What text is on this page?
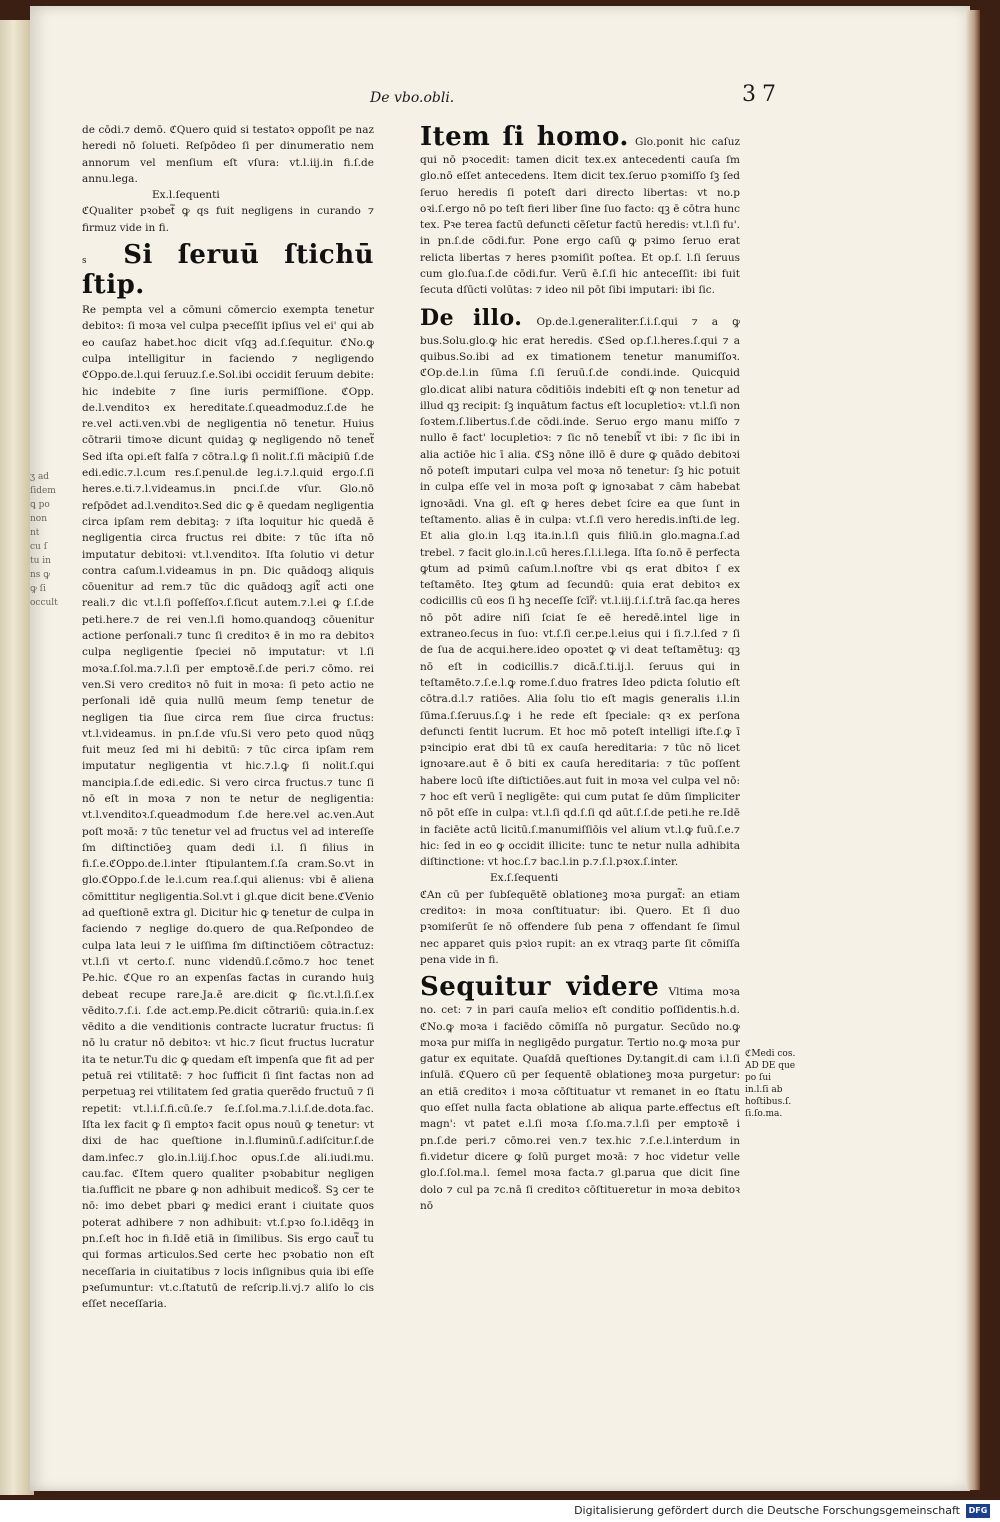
ʒ ad ſidem ꝗ po non nt cu ſ tu in ns ꝙ ꝙ ſi occult
De vbo.obli.	37

de cōdi.⁊ demō. ℭQuero quid si testatoꝛ oppoſit pe naz heredi nō ſolueti. Reſpōdeo ſi per dinumeratio nem annorum vel menſium eſt vſura: vt.l.iij.in fi.ſ.de annu.lega.

Ex.l.ſequenti

ℭQualiter pꝛobet᷑ ꝙ qs fuit negligens in curando ⁊ firmuz vide in fi.

s Si ſeruū ſtichū ſtip.

Re pempta vel a cōmuni cōmercio exempta tenetur debitoꝛ: ſi moꝛa vel culpa pꝛeceſſit ipſius vel ei' qui ab eo cauſaz habet.hoc dicit vſqꝫ ad.ſ.ſequitur. ℭNo.ꝙ culpa intelligitur in faciendo ⁊ negligendo ℭOppo.de.l.qui ſeruuz.ſ.e.Sol.ibi occidit ſeruum debite: hic indebite ⁊ ſine iuris permiſſione. ℭOpp. de.l.venditoꝛ ex hereditate.ſ.queadmoduz.ſ.de he re.vel acti.ven.vbi de negligentia nō tenetur. Huius cōtrarii timoꝛe dicunt quidaꝫ ꝙ negligendo nō tenet᷑ Sed iſta opi.eſt falſa ⁊ cōtra.l.ꝙ ſi nolit.ſ.ſi mācipiū ſ.de edi.edic.⁊.l.cum res.ſ.penul.de leg.i.⁊.l.quid ergo.ſ.ſi heres.e.ti.⁊.l.videamus.in pnci.ſ.de vſur. Glo.nō reſpōdet ad.l.venditoꝛ.Sed dic ꝙ ē quedam negligentia circa ipſam rem debitaꝫ: ⁊ iſta loquitur hic quedā ē negligentia circa fructus rei dbite: ⁊ tūc iſta nō imputatur debitoꝛi: vt.l.venditoꝛ. Iſta ſolutio vi detur contra caſum.l.videamus in pn. Dic quādoqꝫ aliquis cōuenitur ad rem.⁊ tūc dic quādoqꝫ agit᷑ acti one reali.⁊ dic vt.l.ſi poſſeſſoꝛ.ſ.ſicut autem.⁊.l.ei ꝙ ſ.ſ.de peti.here.⁊ de rei ven.l.ſi homo.quandoqꝫ cōuenitur actione perſonali.⁊ tunc ſi creditoꝛ ē in mo ra debitoꝛ culpa negligentie ſpeciei nō imputatur: vt l.ſi moꝛa.ſ.ſol.ma.⁊.l.ſi per emptoꝛē.ſ.de peri.⁊ cōmo. rei ven.Si vero creditoꝛ nō fuit in moꝛa: ſi peto actio ne perſonali idē quia nullū meum ſemp tenetur de negligen tia ſiue circa rem ſiue circa fructus: vt.l.videamus. in pn.ſ.de vſu.Si vero peto quod nūqꝫ fuit meuz ſed mi hi debitū: ⁊ tūc circa ipſam rem imputatur negligentia vt hic.⁊.l.ꝙ ſi nolit.ſ.qui mancipia.ſ.de edi.edic. Si vero circa fructus.⁊ tunc ſi nō eſt in moꝛa ⁊ non te netur de negligentia: vt.l.venditoꝛ.ſ.queadmodum ſ.de here.vel ac.ven.Aut poſt moꝛā: ⁊ tūc tenetur vel ad fructus vel ad intereſſe ſm diſtinctiōeꝫ quam dedi i.l. ſi filius in fi.ſ.e.ℭOppo.de.l.inter ſtipulantem.ſ.ſa cram.So.vt in glo.ℭOppo.ſ.de le.i.cum rea.ſ.qui alienus: vbi ē aliena cōmittitur negligentia.Sol.vt i gl.que dicit bene.ℭVenio ad queſtionē extra gl. Dicitur hic ꝙ tenetur de culpa in faciendo ⁊ neglige do.quero de qua.Reſpondeo de culpa lata leui ⁊ le uiſſima ſm diſtinctiōem cōtractuz: vt.l.ſi vt certo.ſ. nunc videndū.ſ.cōmo.⁊ hoc tenet Pe.hic. ℭQue ro an expenſas factas in curando huiꝫ debeat recupe rare.Ja.ē are.dicit ꝙ ſic.vt.l.ſi.ſ.ex vēdito.⁊.ſ.i. ſ.de act.emp.Pe.dicit cōtrariū: quia.in.ſ.ex vēdito a die venditionis contracte lucratur fructus: ſi nō lu cratur nō debitoꝛ: vt hic.⁊ ſicut fructus lucratur ita te netur.Tu dic ꝙ quedam eſt impenſa que fit ad per petuā rei vtilitatē: ⁊ hoc ſufficit ſi ſint factas non ad perpetuaꝫ rei vtilitatem ſed gratia querēdo fructuū ⁊ ſi repetit: vt.l.i.ſ.fi.cū.ſe.⁊ ſe.ſ.ſol.ma.⁊.l.i.ſ.de.dota.fac. Iſta lex facit ꝙ ſi emptoꝛ facit opus nouū ꝙ tenetur: vt dixi de hac queſtione in.l.fluminū.ſ.adiſcitur.ſ.de dam.infec.⁊ glo.in.l.iij.ſ.hoc opus.ſ.de ali.iudi.mu. cau.fac. ℭItem quero qualiter pꝛobabitur negligen tia.ſufficit ne pbare ꝙ non adhibuit medicos᷑. Sꝫ cer te nō: imo debet pbari ꝙ medici erant i ciuitate quos poterat adhibere ⁊ non adhibuit: vt.ſ.pꝛo ſo.l.idēqꝫ in pn.ſ.eſt hoc in fi.Idē etiā in ſimilibus. Sis ergo caut᷑ tu qui formas articulos.Sed certe hec pꝛobatio non eſt neceſſaria in ciuitatibus ⁊ locis inſignibus quia ibi eſſe pꝛeſumuntur: vt.c.ſtatutū de reſcrip.li.vj.⁊ aliſo lo cis eſſet neceſſaria.

Item ſi homo. Glo.ponit hic caſuz qui nō pꝛocedit: tamen dicit tex.ex antecedenti cauſa ſm glo.nō eſſet antecedens. Item dicit tex.ſeruo pꝛomiſſo ſꝫ ſed ſeruo heredis ſi poteſt dari directo libertas: vt no.p oꝛi.ſ.ergo nō po teſt fieri liber ſine ſuo facto: qꝫ ē cōtra hunc tex. Pꝛe terea factū defuncti cēſetur factū heredis: vt.l.ſi fu'. in pn.ſ.de cōdi.fur. Pone ergo caſū ꝙ pꝛimo ſeruo erat relicta libertas ⁊ heres pꝛomiſit poſtea. Et op.ſ. l.ſi ſeruus cum glo.ſua.ſ.de cōdi.fur. Verū ē.ſ.ſi hic anteceſſit: ibi fuit ſecuta dſūcti volūtas: ⁊ ideo nil pōt ſibi imputari: ibi ſic.

De illo. Op.de.l.generaliter.ſ.i.ſ.qui ⁊ a ꝙ bus.Solu.glo.ꝙ hic erat heredis. ℭSed op.ſ.l.heres.ſ.qui ⁊ a quibus.So.ibi ad ex timationem tenetur manumiſſoꝛ. ℭOp.de.l.in ſūma ſ.ſi ſeruū.ſ.de condi.inde. Quicquid glo.dicat alibi natura cōditiōis indebiti eſt ꝙ non tenetur ad illud qꝫ recipit: ſꝫ inquātum factus eſt locupletioꝛ: vt.l.ſi non ſoꝛtem.ſ.libertus.ſ.de cōdi.inde. Seruo ergo manu miſſo ⁊ nullo ē fact' locupletioꝛ: ⁊ ſic nō tenebit᷑ vt ibi: ⁊ ſic ibi in alia actiōe hic ī alia. ℭSꝫ nōne illō ē dure ꝙ quādo debitoꝛi nō poteſt imputari culpa vel moꝛa nō tenetur: ſꝫ hic potuit in culpa eſſe vel in moꝛa poſt ꝙ ignoꝛabat ⁊ cām habebat ignoꝛādi. Vna gl. eſt ꝙ heres debet ſcire ea que ſunt in teſtamento. alias ē in culpa: vt.ſ.ſi vero heredis.inſti.de leg. Et alia glo.in l.qꝫ ita.in.l.ſi quis filiū.in glo.magna.ſ.ad trebel. ⁊ facit glo.in.l.cū heres.ſ.l.i.lega. Iſta ſo.nō ē perfecta ꝙtum ad pꝛimū caſum.l.noſtre vbi qs erat dbitoꝛ ſ ex teſtamēto. Iteꝫ ꝙtum ad ſecundū: quia erat debitoꝛ ex codicillis cū eos ſi hꝫ neceſſe ſcīr᷑: vt.l.iij.ſ.i.ſ.trā ſac.qa heres nō pōt adire niſi ſciat ſe eē heredē.intel lige in extraneo.ſecus in ſuo: vt.ſ.ſi cer.pe.l.eius qui i ſi.⁊.l.ſed ⁊ ſi de ſua de acqui.here.ideo opoꝛtet ꝙ vi deat teſtamētuꝫ: qꝫ nō eſt in codicillis.⁊ dicā.ſ.ti.ij.l. ſeruus qui in teſtamēto.⁊.ſ.e.l.ꝙ rome.ſ.duo fratres Ideo pdicta ſolutio eſt cōtra.d.l.⁊ ratiōes. Alia ſolu tio eſt magis generalis i.l.in ſūma.ſ.ſeruus.ſ.ꝙ i he rede eſt ſpeciale: qꝛ ex perſona defuncti ſentit lucrum. Et hoc mō poteſt intelligi iſte.ſ.ꝙ ī pꝛincipio erat dbi tū ex cauſa hereditaria: ⁊ tūc nō licet ignoꝛare.aut ē ō biti ex cauſa hereditaria: ⁊ tūc poſſent habere locū iſte diſtictiōes.aut fuit in moꝛa vel culpa vel nō: ⁊ hoc eſt verū ī negligēte: qui cum putat ſe dūm ſimpliciter nō pōt eſſe in culpa: vt.l.ſi qd.ſ.ſi qd aūt.ſ.ſ.de peti.he re.Idē in faciēte actū licitū.ſ.manumiſſiōis vel alium vt.l.ꝙ fuū.ſ.e.⁊ hic: ſed in eo ꝙ occidit illicite: tunc te netur nulla adhibita diſtinctione: vt hoc.ſ.⁊ bac.l.in p.⁊.ſ.l.pꝛox.ſ.inter.

Ex.ſ.ſequenti

ℭAn cū per ſubſequētē oblationeꝫ moꝛa purgat᷑: an etiam creditoꝛ: in moꝛa conſtituatur: ibi. Quero. Et ſi duo pꝛomiſerūt ſe nō offendere ſub pena ⁊ offendant ſe ſimul nec apparet quis pꝛioꝛ rupit: an ex vtraqꝫ parte ſit cōmiſſa pena vide in fi.

Sequitur videre Vltima moꝛa no. cet: ⁊ in pari cauſa melioꝛ eſt conditio poſſidentis.h.d. ℭNo.ꝙ moꝛa i faciēdo cōmiſſa nō purgatur. Secūdo no.ꝙ moꝛa pur miſſa in negligēdo purgatur. Tertio no.ꝙ moꝛa pur gatur ex equitate. Quaſdā queſtiones Dy.tangit.di cam i.l.ſi inſulā. ℭQuero cū per ſequentē oblationeꝫ moꝛa purgetur: an etiā creditoꝛ i moꝛa cōſtituatur vt remanet in eo ſtatu quo eſſet nulla facta oblatione ab aliqua parte.effectus eſt magn': vt patet e.l.ſi moꝛa ſ.ſo.ma.⁊.l.ſi per emptoꝛē i pn.ſ.de peri.⁊ cōmo.rei ven.⁊ tex.hic ⁊.ſ.e.l.interdum in fi.videtur dicere ꝙ ſolū purget moꝛā: ⁊ hoc videtur velle glo.ſ.ſol.ma.l. ſemel moꝛa facta.⁊ gl.parua que dicit ſine dolo ⁊ cul pa ⁊c.nā ſi creditoꝛ cōſtitueretur in moꝛa debitoꝛ nō

ℭMedi cos. AD DE que po ſui in.l.ſi ab hoſtibus.ſ. ſi.ſo.ma.
Digitalisierung gefördert durch die Deutsche Forschungsgemeinschaft	DFG
